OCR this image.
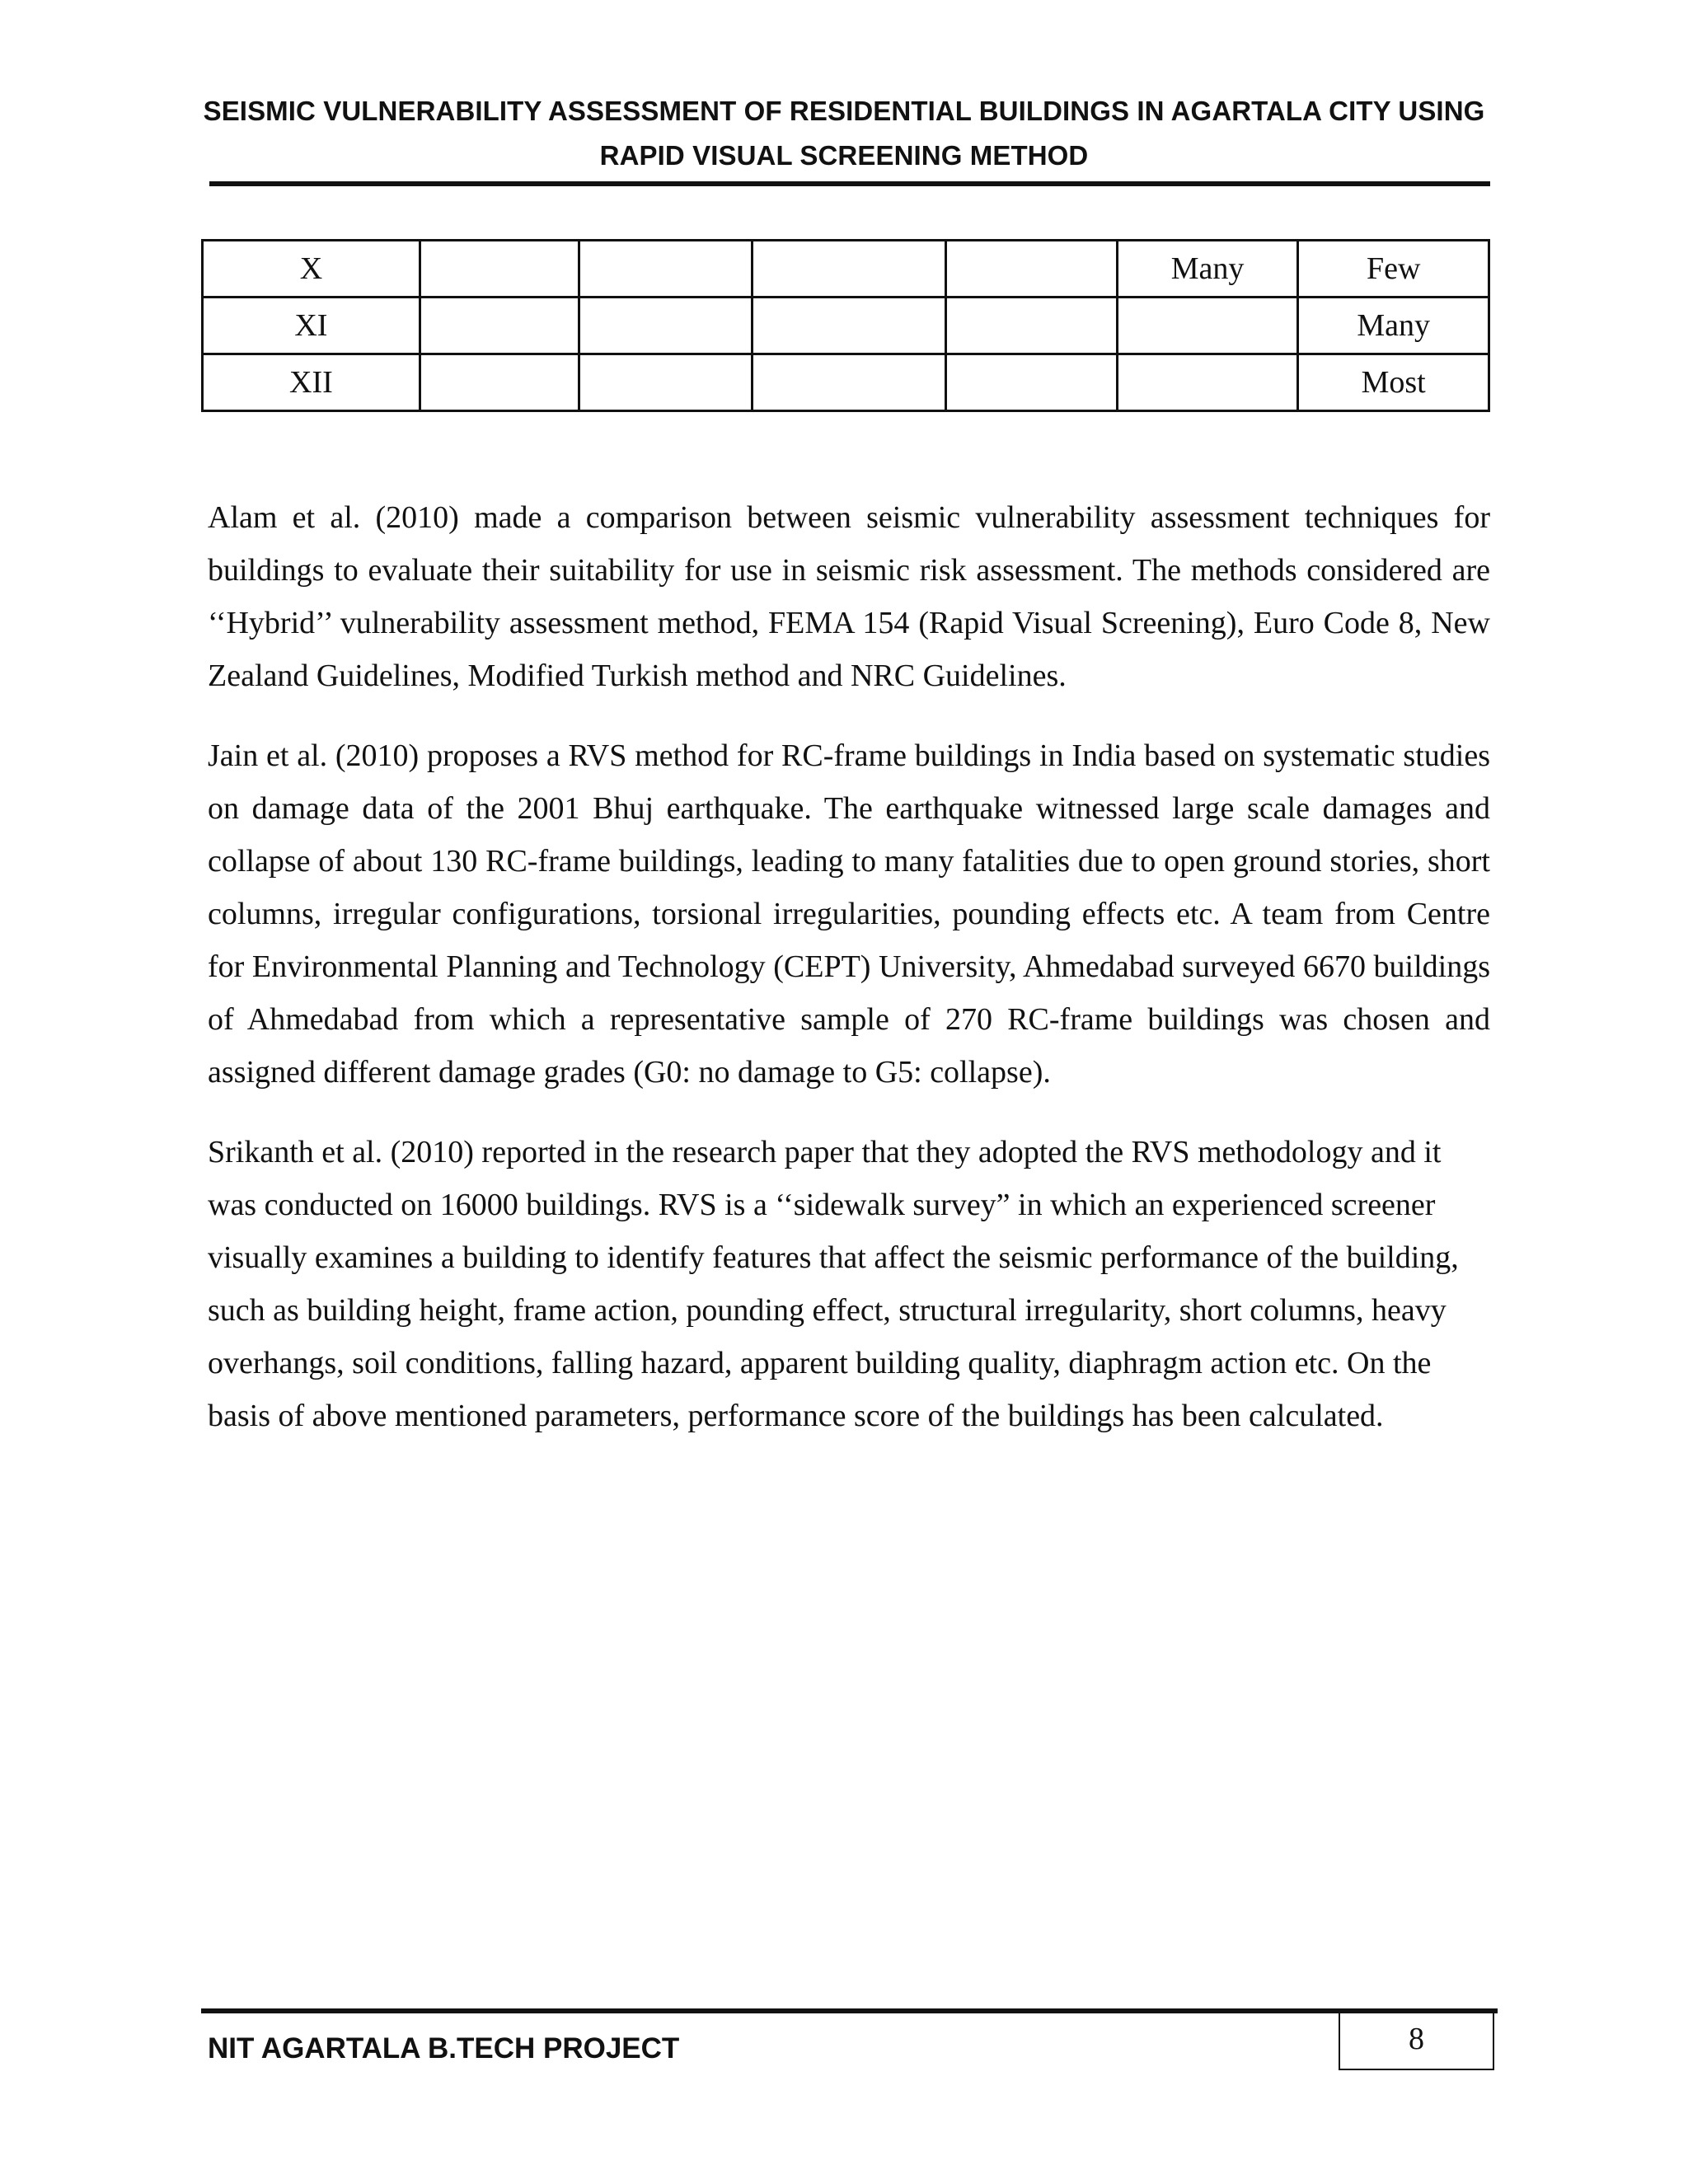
SEISMIC VULNERABILITY ASSESSMENT OF RESIDENTIAL BUILDINGS IN AGARTALA CITY USING
RAPID VISUAL SCREENING METHOD
X					Many	Few
XI						Many
XII						Most

Alam et al. (2010) made a comparison between seismic vulnerability assessment techniques for buildings to evaluate their suitability for use in seismic risk assessment. The methods considered are ‘‘Hybrid’’ vulnerability assessment method, FEMA 154 (Rapid Visual Screening), Euro Code 8, New Zealand Guidelines, Modified Turkish method and NRC Guidelines.

Jain et al. (2010) proposes a RVS method for RC-frame buildings in India based on systematic studies on damage data of the 2001 Bhuj earthquake. The earthquake witnessed large scale damages and collapse of about 130 RC-frame buildings, leading to many fatalities due to open ground stories, short columns, irregular configurations, torsional irregularities, pounding effects etc. A team from Centre for Environmental Planning and Technology (CEPT) University, Ahmedabad surveyed 6670 buildings of Ahmedabad from which a representative sample of 270 RC-frame buildings was chosen and assigned different damage grades (G0: no damage to G5: collapse).

Srikanth et al. (2010) reported in the research paper that they adopted the RVS methodology and it was conducted on 16000 buildings. RVS is a ‘‘sidewalk survey” in which an experienced screener visually examines a building to identify features that affect the seismic performance of the building, such as building height, frame action, pounding effect, structural irregularity, short columns, heavy overhangs, soil conditions, falling hazard, apparent building quality, diaphragm action etc. On the basis of above mentioned parameters, performance score of the buildings has been calculated.

NIT AGARTALA B.TECH PROJECT	8
